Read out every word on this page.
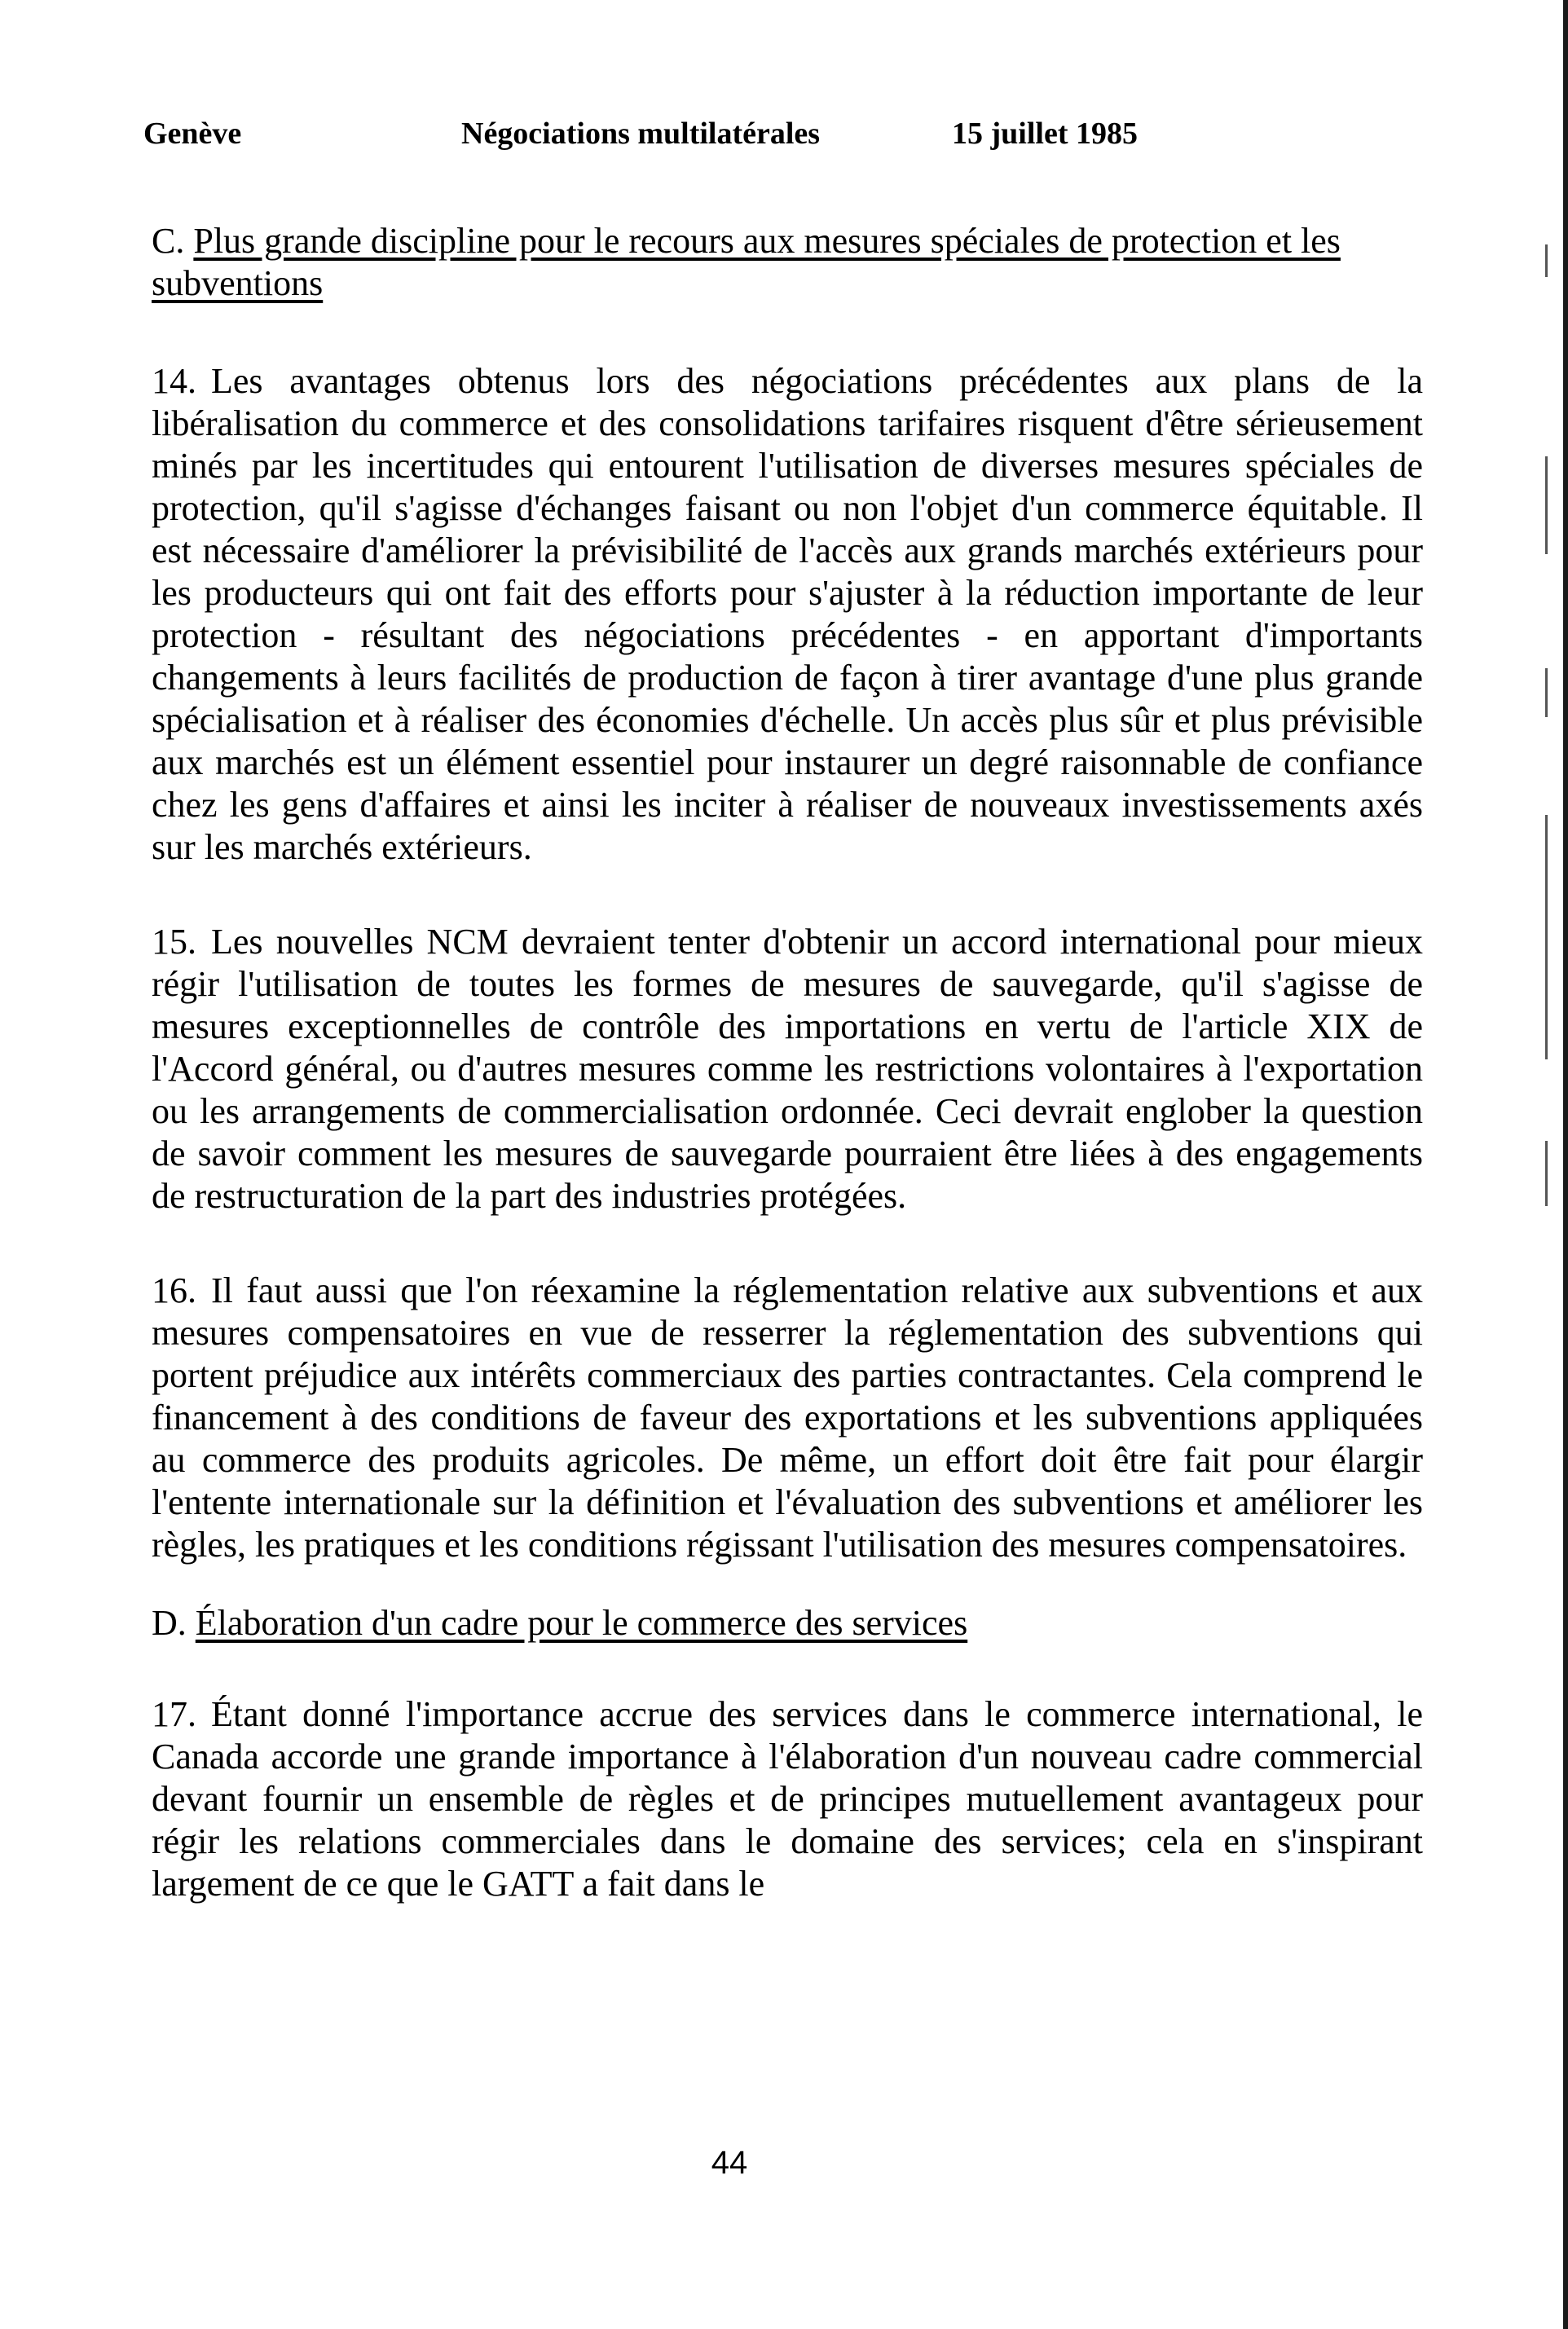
Genève	Négociations multilatérales	15 juillet 1985
C. Plus grande discipline pour le recours aux mesures spéciales de protection et les subventions

14. Les avantages obtenus lors des négociations précédentes aux plans de la libéralisation du commerce et des consolidations tarifaires risquent d'être sérieusement minés par les incertitudes qui entourent l'utilisation de diverses mesures spéciales de protection, qu'il s'agisse d'échanges faisant ou non l'objet d'un commerce équitable. Il est nécessaire d'améliorer la prévisibilité de l'accès aux grands marchés extérieurs pour les producteurs qui ont fait des efforts pour s'ajuster à la réduction importante de leur protection - résultant des négociations précédentes - en apportant d'importants changements à leurs facilités de production de façon à tirer avantage d'une plus grande spécialisation et à réaliser des économies d'échelle. Un accès plus sûr et plus prévisible aux marchés est un élément essentiel pour instaurer un degré raisonnable de confiance chez les gens d'affaires et ainsi les inciter à réaliser de nouveaux investissements axés sur les marchés extérieurs.

15. Les nouvelles NCM devraient tenter d'obtenir un accord international pour mieux régir l'utilisation de toutes les formes de mesures de sauvegarde, qu'il s'agisse de mesures exceptionnelles de contrôle des importations en vertu de l'article XIX de l'Accord général, ou d'autres mesures comme les restrictions volontaires à l'exportation ou les arrangements de commercialisation ordonnée. Ceci devrait englober la question de savoir comment les mesures de sauvegarde pourraient être liées à des engagements de restructuration de la part des industries protégées.

16. Il faut aussi que l'on réexamine la réglementation relative aux subventions et aux mesures compensatoires en vue de resserrer la réglementation des subventions qui portent préjudice aux intérêts commerciaux des parties contractantes. Cela comprend le financement à des conditions de faveur des exportations et les subventions appliquées au commerce des produits agricoles. De même, un effort doit être fait pour élargir l'entente internationale sur la définition et l'évaluation des subventions et améliorer les règles, les pratiques et les conditions régissant l'utilisation des mesures compensatoires.

D. Élaboration d'un cadre pour le commerce des services

17. Étant donné l'importance accrue des services dans le commerce international, le Canada accorde une grande importance à l'élaboration d'un nouveau cadre commercial devant fournir un ensemble de règles et de principes mutuellement avantageux pour régir les relations commerciales dans le domaine des services; cela en s'inspirant largement de ce que le GATT a fait dans le

44
